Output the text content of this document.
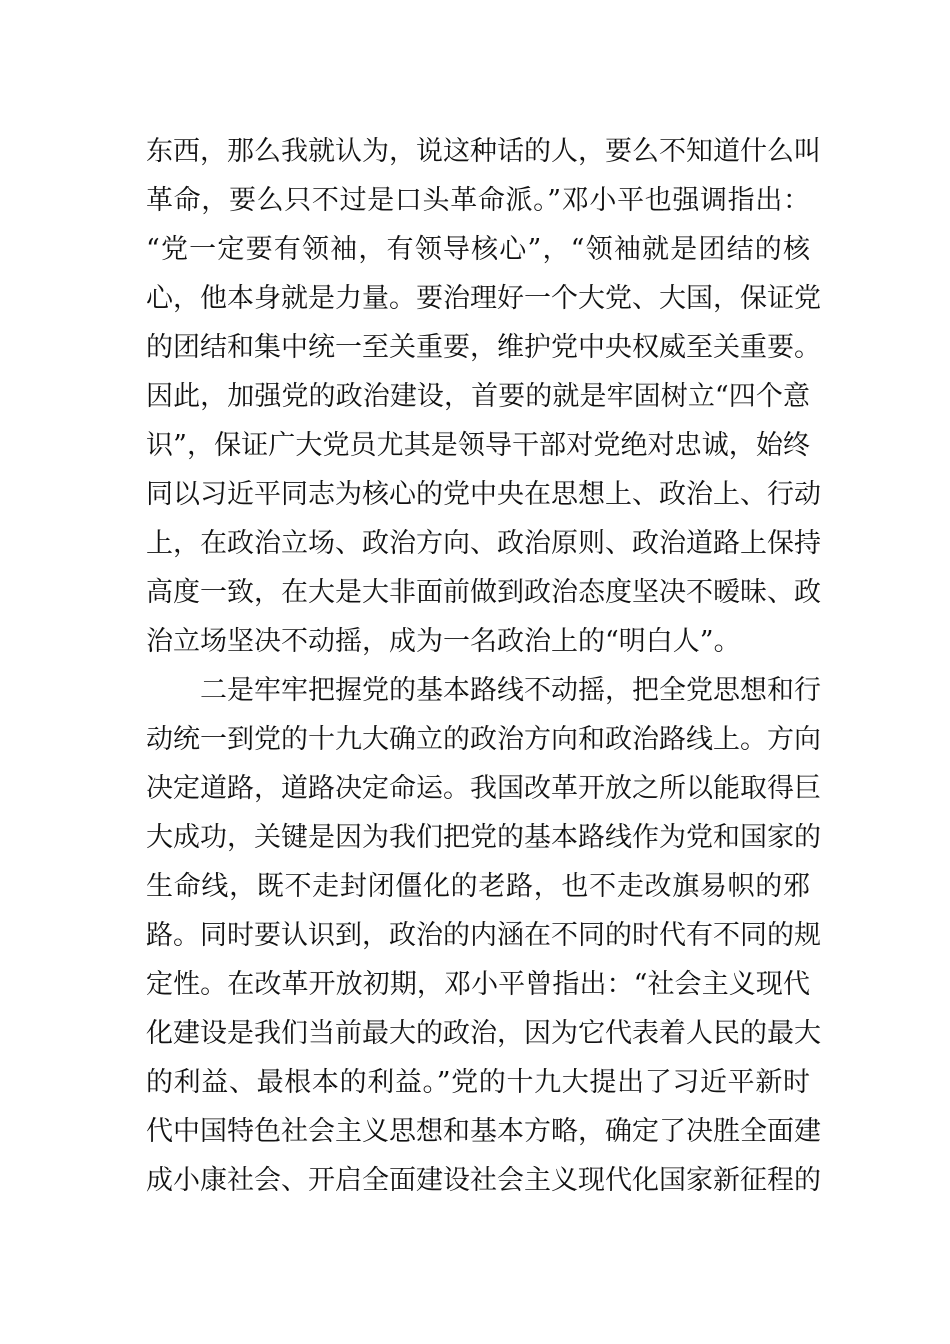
东西，那么我就认为，说这种话的人，要么不知道什么叫
革命，要么只不过是口头革命派。”邓小平也强调指出：
“党一定要有领袖，有领导核心”，“领袖就是团结的核
心，他本身就是力量。要治理好一个大党、大国，保证党
的团结和集中统一至关重要，维护党中央权威至关重要。
因此，加强党的政治建设，首要的就是牢固树立“四个意
识”，保证广大党员尤其是领导干部对党绝对忠诚，始终
同以习近平同志为核心的党中央在思想上、政治上、行动
上，在政治立场、政治方向、政治原则、政治道路上保持
高度一致，在大是大非面前做到政治态度坚决不暧昧、政
治立场坚决不动摇，成为一名政治上的“明白人”。
二是牢牢把握党的基本路线不动摇，把全党思想和行
动统一到党的十九大确立的政治方向和政治路线上。方向
决定道路，道路决定命运。我国改革开放之所以能取得巨
大成功，关键是因为我们把党的基本路线作为党和国家的
生命线，既不走封闭僵化的老路，也不走改旗易帜的邪
路。同时要认识到，政治的内涵在不同的时代有不同的规
定性。在改革开放初期，邓小平曾指出：“社会主义现代
化建设是我们当前最大的政治，因为它代表着人民的最大
的利益、最根本的利益。”党的十九大提出了习近平新时
代中国特色社会主义思想和基本方略，确定了决胜全面建
成小康社会、开启全面建设社会主义现代化国家新征程的
